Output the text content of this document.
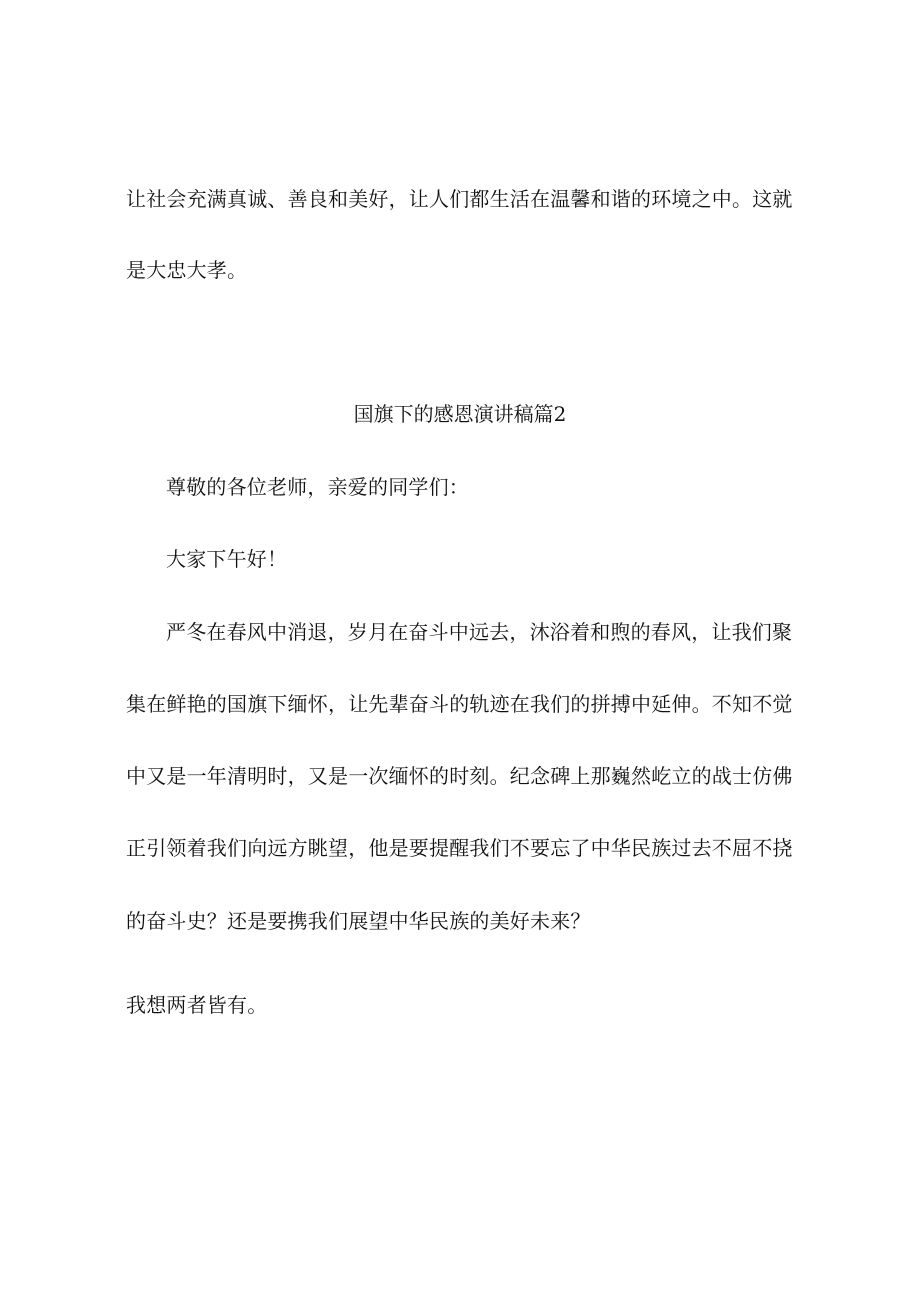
让社会充满真诚、善良和美好，让人们都生活在温馨和谐的环境之中。这就
是大忠大孝。
国旗下的感恩演讲稿篇2
尊敬的各位老师，亲爱的同学们：
大家下午好！
严冬在春风中消退，岁月在奋斗中远去，沐浴着和煦的春风，让我们聚
集在鲜艳的国旗下缅怀，让先辈奋斗的轨迹在我们的拼搏中延伸。不知不觉
中又是一年清明时，又是一次缅怀的时刻。纪念碑上那巍然屹立的战士仿佛
正引领着我们向远方眺望，他是要提醒我们不要忘了中华民族过去不屈不挠
的奋斗史？还是要携我们展望中华民族的美好未来？
我想两者皆有。
